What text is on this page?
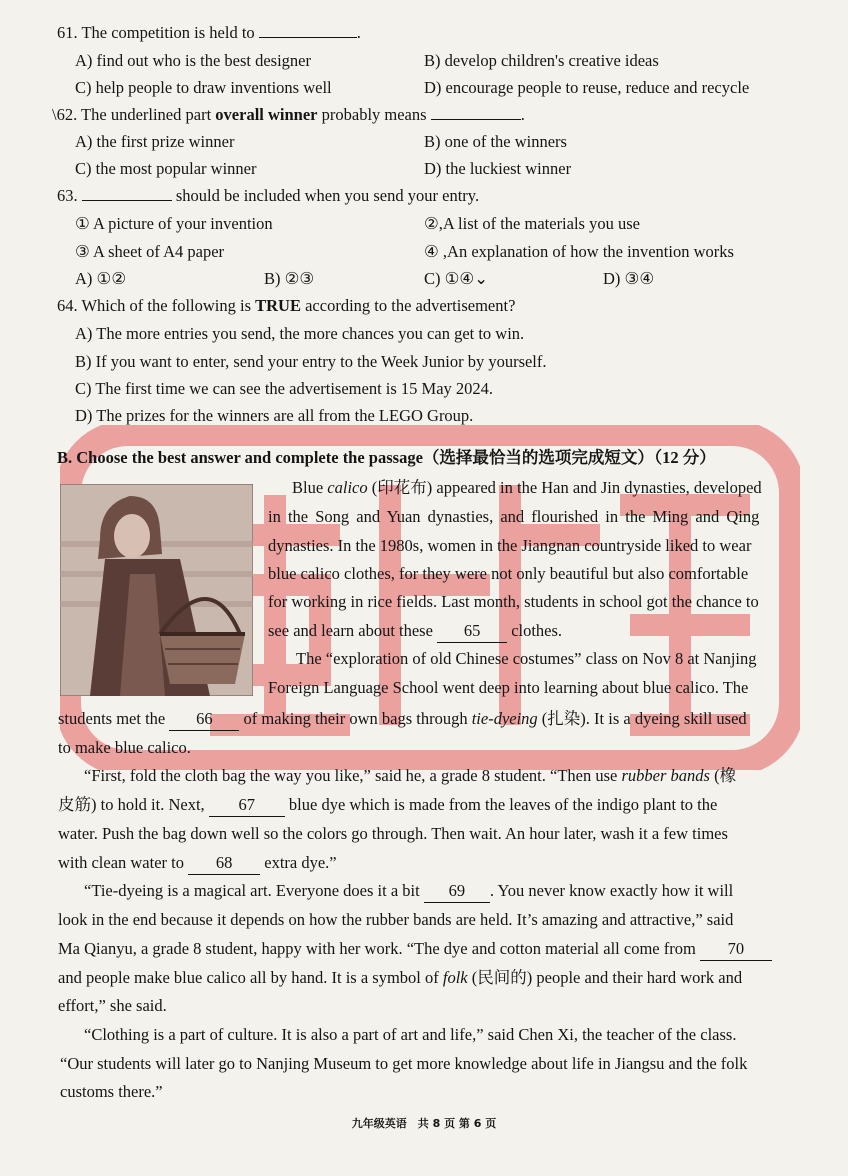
61. The competition is held to	.
A) find out who is the best designer	B) develop children's creative ideas
C) help people to draw inventions well	D) encourage people to reuse, reduce and recycle
\62. The underlined part overall winner probably means	.
A) the first prize winner	B) one of the winners
C) the most popular winner	D) the luckiest winner
63.	should be included when you send your entry.
① A picture of your invention	②,A list of the materials you use
③ A sheet of A4 paper	④ ,An explanation of how the invention works
A) ①②	B) ②③	C) ①④⌄	D) ③④
64. Which of the following is TRUE according to the advertisement?
A) The more entries you send, the more chances you can get to win.
B) If you want to enter, send your entry to the Week Junior by yourself.
C) The first time we can see the advertisement is 15 May 2024.
D) The prizes for the winners are all from the LEGO Group.
B. Choose the best answer and complete the passage（选择最恰当的选项完成短文）（12 分）
Blue calico (印花布) appeared in the Han and Jin dynasties, developed
in the Song and Yuan dynasties, and flourished in the Ming and Qing
dynasties. In the 1980s, women in the Jiangnan countryside liked to wear
blue calico clothes, for they were not only beautiful but also comfortable
for working in rice fields. Last month, students in school got the chance to
see and learn about these 65 clothes.
The “exploration of old Chinese costumes” class on Nov 8 at Nanjing
Foreign Language School went deep into learning about blue calico. The
students met the 66 of making their own bags through tie-dyeing (扎染). It is a dyeing skill used
to make blue calico.
“First, fold the cloth bag the way you like,” said he, a grade 8 student. “Then use rubber bands (橡
皮筋) to hold it. Next, 67 blue dye which is made from the leaves of the indigo plant to the
water. Push the bag down well so the colors go through. Then wait. An hour later, wash it a few times
with clean water to 68 extra dye.”
“Tie-dyeing is a magical art. Everyone does it a bit 69 . You never know exactly how it will
look in the end because it depends on how the rubber bands are held. It’s amazing and attractive,” said
Ma Qianyu, a grade 8 student, happy with her work. “The dye and cotton material all come from 70
and people make blue calico all by hand. It is a symbol of folk (民间的) people and their hard work and
effort,” she said.
“Clothing is a part of culture. It is also a part of art and life,” said Chen Xi, the teacher of the class.
“Our students will later go to Nanjing Museum to get more knowledge about life in Jiangsu and the folk
customs there.”
九年级英语　共 8 页 第 6 页
